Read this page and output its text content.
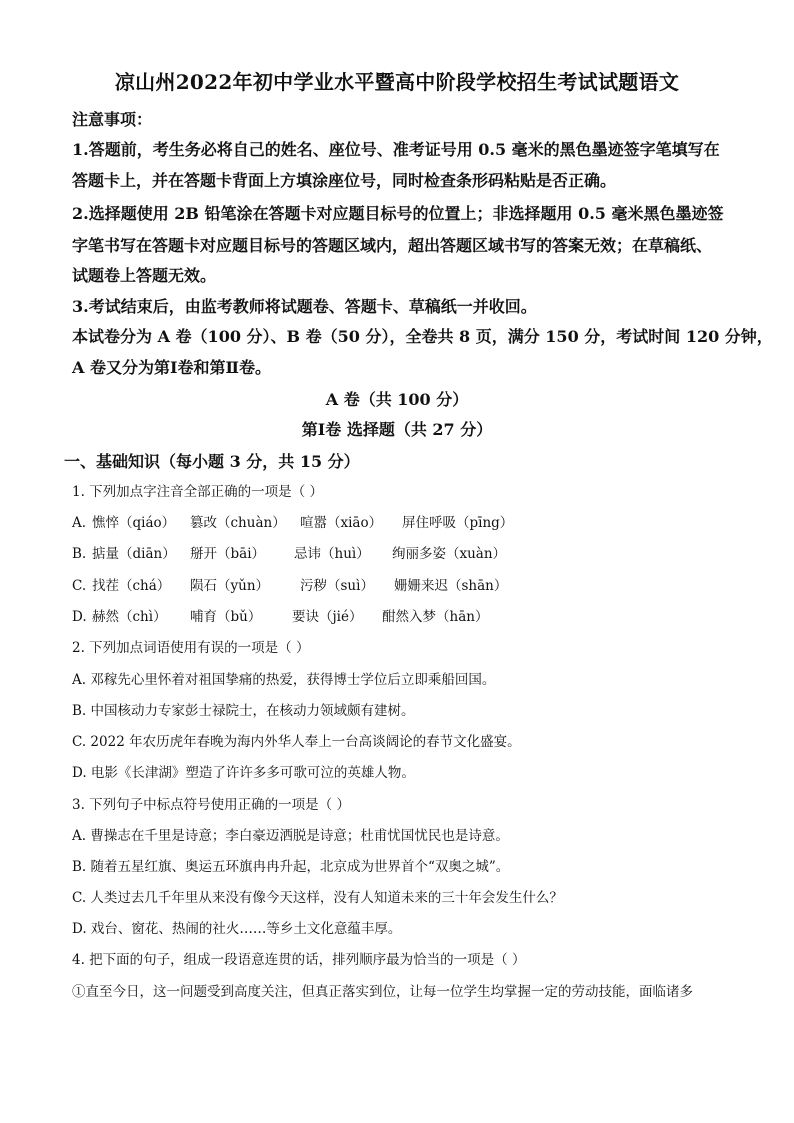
凉山州2022年初中学业水平暨高中阶段学校招生考试试题语文
注意事项：
1.答题前，考生务必将自己的姓名、座位号、准考证号用 0.5 毫米的黑色墨迹签字笔填写在
答题卡上，并在答题卡背面上方填涂座位号，同时检查条形码粘贴是否正确。
2.选择题使用 2B 铅笔涂在答题卡对应题目标号的位置上；非选择题用 0.5 毫米黑色墨迹签
字笔书写在答题卡对应题目标号的答题区域内，超出答题区域书写的答案无效；在草稿纸、
试题卷上答题无效。
3.考试结束后，由监考教师将试题卷、答题卡、草稿纸一并收回。
本试卷分为 A 卷（100 分）、B 卷（50 分），全卷共 8 页，满分 150 分，考试时间 120 分钟，
A 卷又分为第Ⅰ卷和第Ⅱ卷。
A 卷（共 100 分）
第Ⅰ卷 选择题（共 27 分）
一、基础知识（每小题 3 分，共 15 分）
1. 下列加点字注音全部正确的一项是（ ）
A. 憔悴（qiáo） 篡改（chuàn） 喧嚣（xiāo） 屏住呼吸（pīng）
B. 掂量（diān） 掰开（bāi） 忌讳（huì） 绚丽多姿（xuàn）
C. 找茬（chá） 陨石（yǔn） 污秽（suì） 姗姗来迟（shān）
D. 赫然（chì） 哺育（bǔ） 要诀（jié） 酣然入梦（hān）
2. 下列加点词语使用有误的一项是（ ）
A. 邓稼先心里怀着对祖国挚痛的热爱，获得博士学位后立即乘船回国。
B. 中国核动力专家彭士禄院士，在核动力领域颇有建树。
C. 2022 年农历虎年春晚为海内外华人奉上一台高谈阔论的春节文化盛宴。
D. 电影《长津湖》塑造了许许多多可歌可泣的英雄人物。
3. 下列句子中标点符号使用正确的一项是（ ）
A. 曹操志在千里是诗意；李白豪迈洒脱是诗意；杜甫忧国忧民也是诗意。
B. 随着五星红旗、奥运五环旗冉冉升起，北京成为世界首个“双奥之城”。
C. 人类过去几千年里从来没有像今天这样，没有人知道未来的三十年会发生什么？
D. 戏台、窗花、热闹的社火……等乡土文化意蕴丰厚。
4. 把下面的句子，组成一段语意连贯的话，排列顺序最为恰当的一项是（ ）
①直至今日，这一问题受到高度关注，但真正落实到位，让每一位学生均掌握一定的劳动技能，面临诸多
